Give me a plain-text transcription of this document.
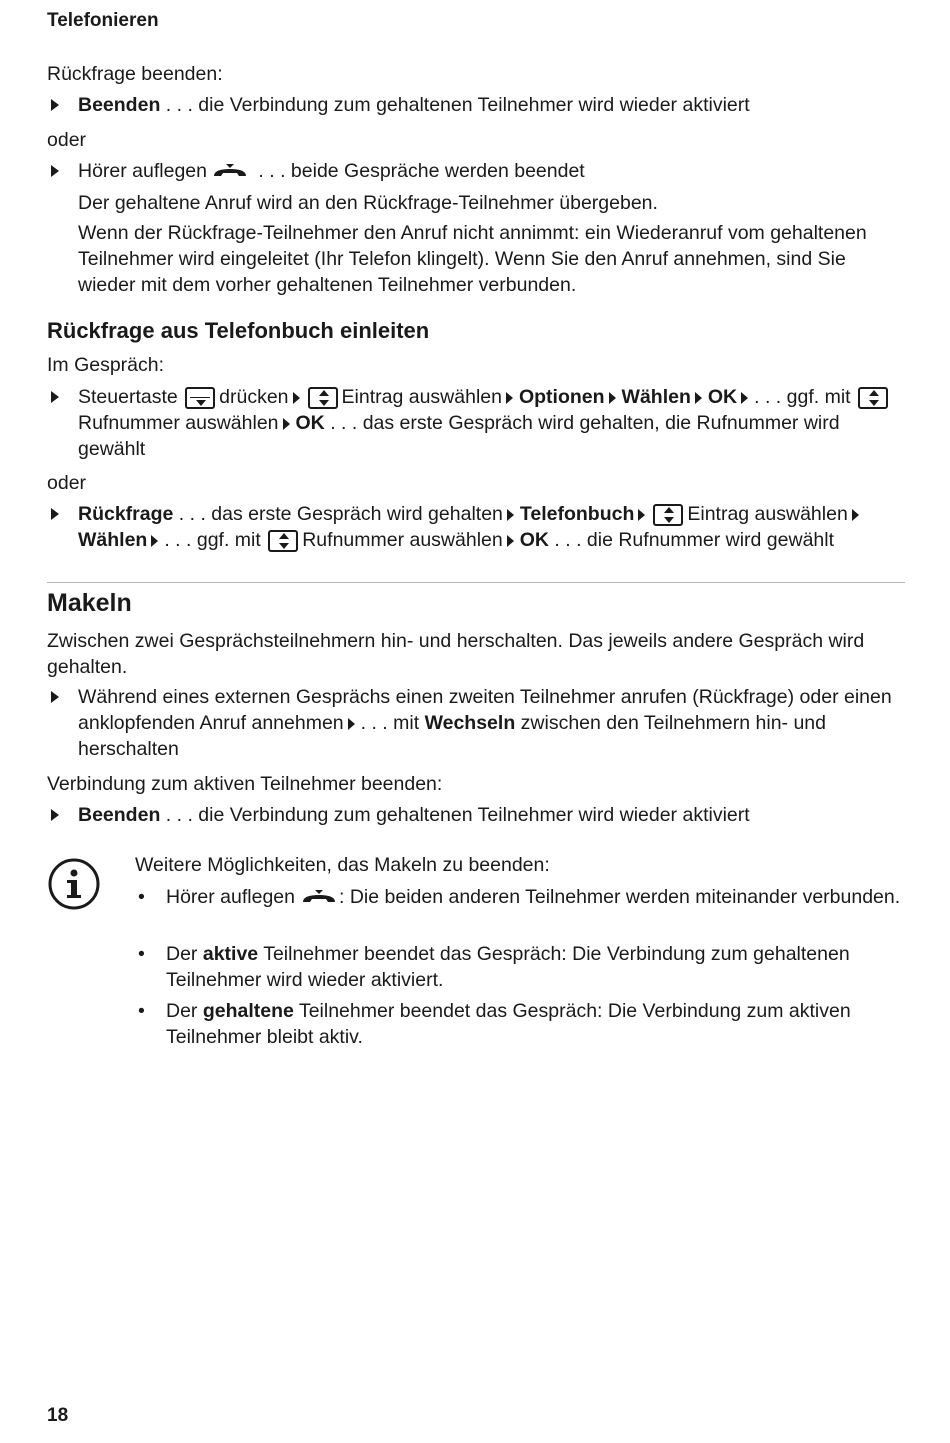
Telefonieren
Rückfrage beenden:
Beenden . . . die Verbindung zum gehaltenen Teilnehmer wird wieder aktiviert
oder
Hörer auflegen . . . beide Gespräche werden beendet
Der gehaltene Anruf wird an den Rückfrage-Teilnehmer übergeben.
Wenn der Rückfrage-Teilnehmer den Anruf nicht annimmt: ein Wiederanruf vom gehaltenen Teilnehmer wird eingeleitet (Ihr Telefon klingelt). Wenn Sie den Anruf annehmen, sind Sie wieder mit dem vorher gehaltenen Teilnehmer verbunden.
Rückfrage aus Telefonbuch einleiten
Im Gespräch:
Steuertaste drücken	Eintrag auswählen Optionen Wählen OK . . . ggf. mit Rufnummer auswählen OK . . . das erste Gespräch wird gehalten, die Rufnummer wird gewählt
oder
Rückfrage . . . das erste Gespräch wird gehalten Telefonbuch	Eintrag auswählen Wählen . . . ggf. mit Rufnummer auswählen OK . . . die Rufnummer wird gewählt
Makeln
Zwischen zwei Gesprächsteilnehmern hin- und herschalten. Das jeweils andere Gespräch wird gehalten.
Während eines externen Gesprächs einen zweiten Teilnehmer anrufen (Rückfrage) oder einen anklopfenden Anruf annehmen . . . mit Wechseln zwischen den Teilnehmern hin- und herschalten
Verbindung zum aktiven Teilnehmer beenden:
Beenden . . . die Verbindung zum gehaltenen Teilnehmer wird wieder aktiviert
Weitere Möglichkeiten, das Makeln zu beenden:
• Hörer auflegen : Die beiden anderen Teilnehmer werden miteinander verbunden.
• Der aktive Teilnehmer beendet das Gespräch: Die Verbindung zum gehaltenen Teilnehmer wird wieder aktiviert.
• Der gehaltene Teilnehmer beendet das Gespräch: Die Verbindung zum aktiven Teilnehmer bleibt aktiv.
18
